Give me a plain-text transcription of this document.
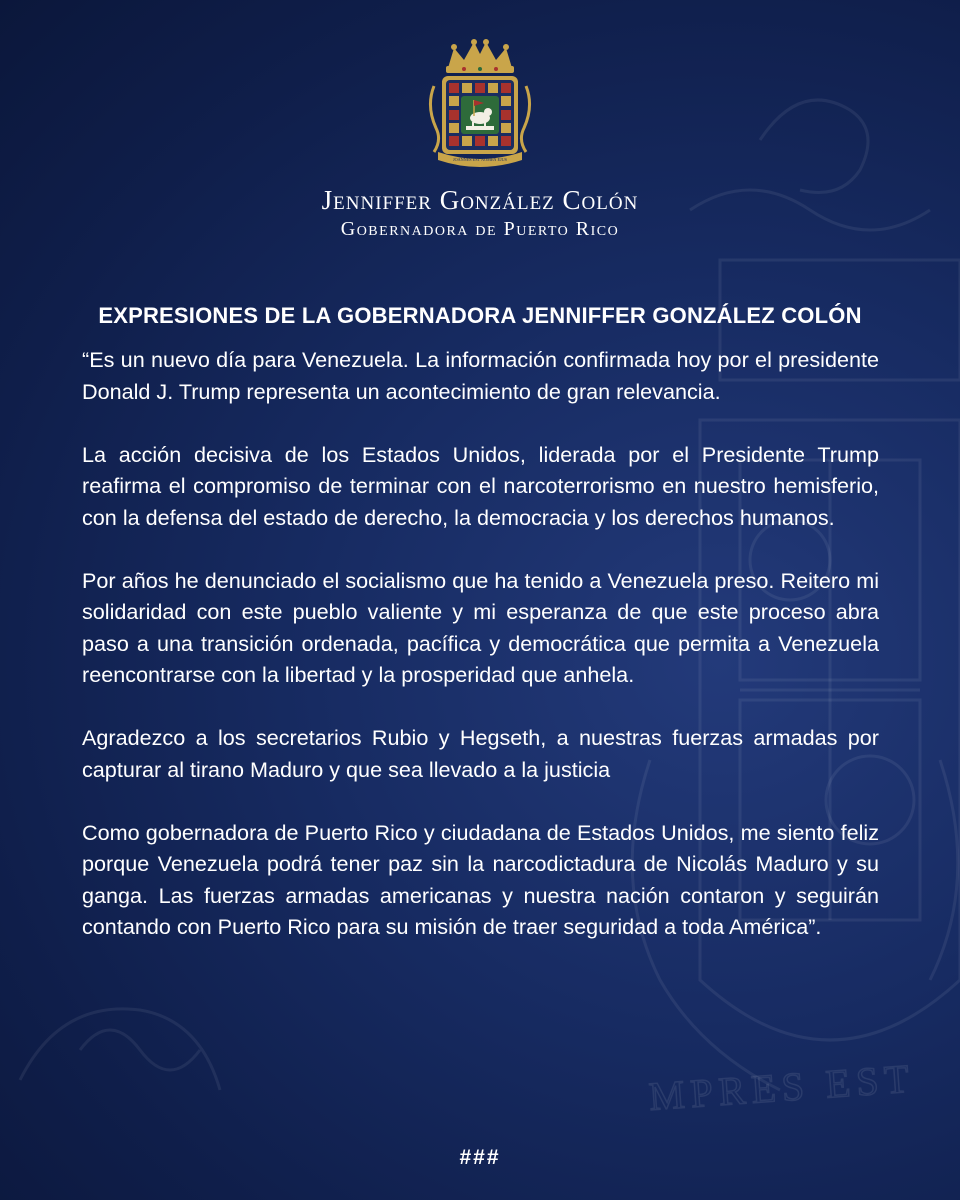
MPRES EST
JOANNES EST NOMEN EJUS
Jenniffer González Colón
Gobernadora de Puerto Rico
EXPRESIONES DE LA GOBERNADORA JENNIFFER GONZÁLEZ COLÓN

“Es un nuevo día para Venezuela. La información confirmada hoy por el presidente Donald J. Trump representa un acontecimiento de gran relevancia.

La acción decisiva de los Estados Unidos, liderada por el Presidente Trump reafirma el compromiso de terminar con el narcoterrorismo en nuestro hemisferio, con la defensa del estado de derecho, la democracia y los derechos humanos.

Por años he denunciado el socialismo que ha tenido a Venezuela preso. Reitero mi solidaridad con este pueblo valiente y mi esperanza de que este proceso abra paso a una transición ordenada, pacífica y democrática que permita a Venezuela reencontrarse con la libertad y la prosperidad que anhela.

Agradezco a los secretarios Rubio y Hegseth, a nuestras fuerzas armadas por capturar al tirano Maduro y que sea llevado a la justicia

Como gobernadora de Puerto Rico y ciudadana de Estados Unidos, me siento feliz porque Venezuela podrá tener paz sin la narcodictadura de Nicolás Maduro y su ganga. Las fuerzas armadas americanas y nuestra nación contaron y seguirán contando con Puerto Rico para su misión de traer seguridad a toda América”.

###
